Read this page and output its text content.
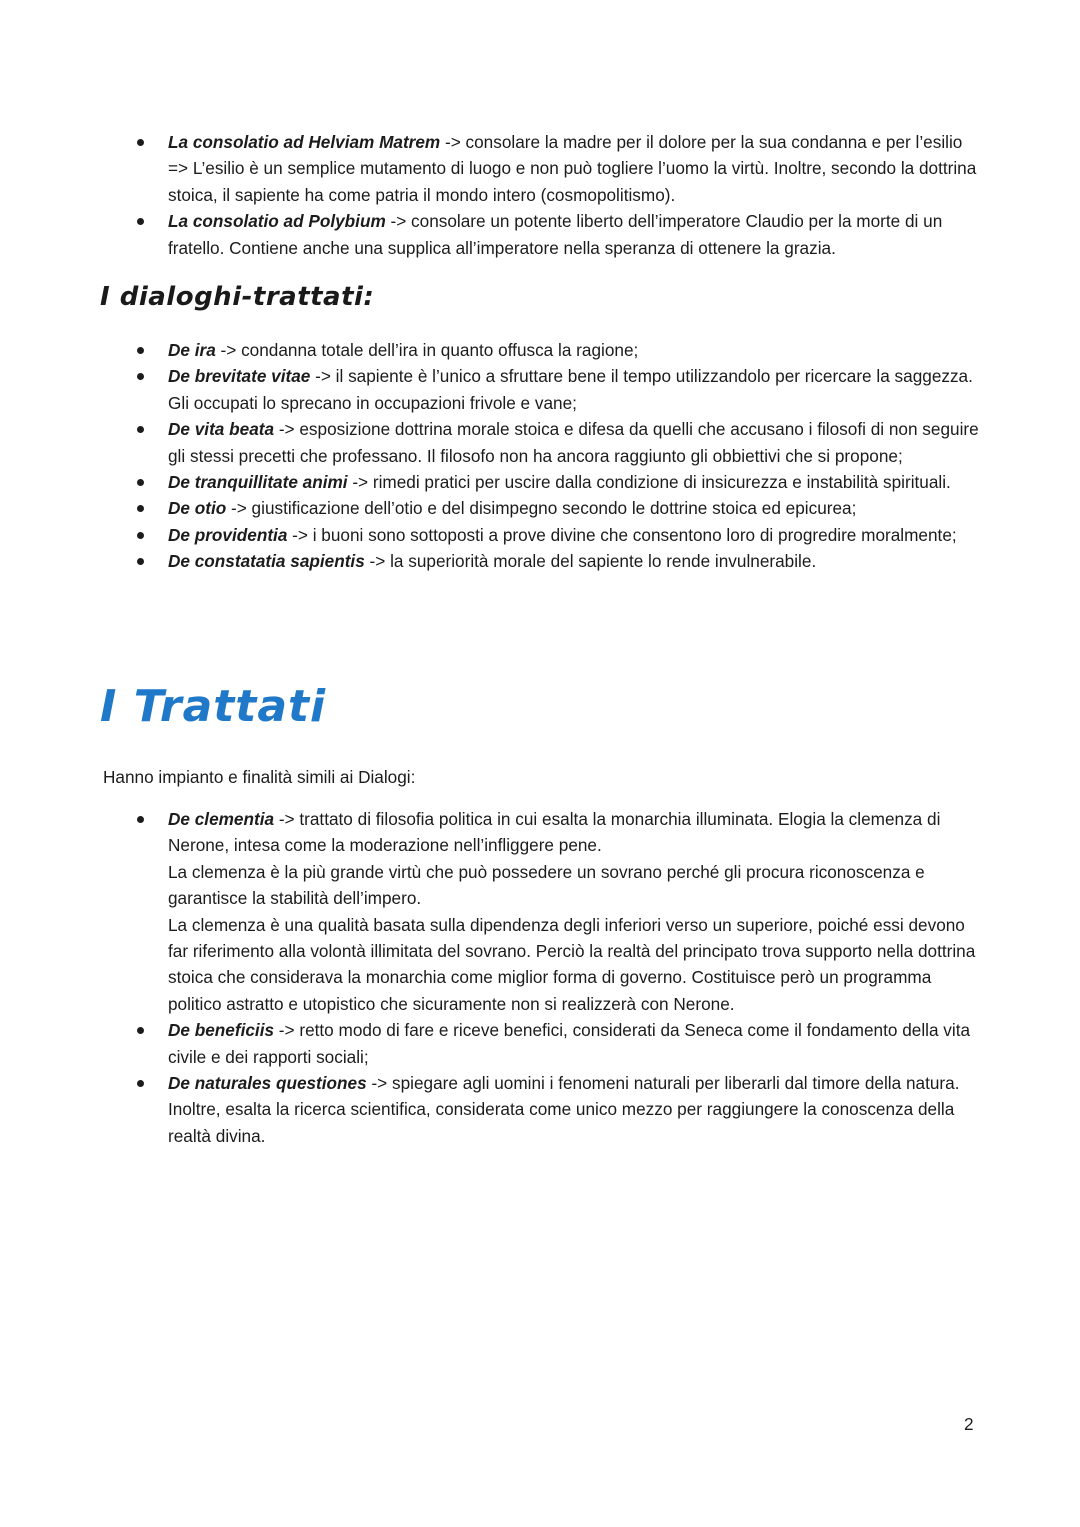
La consolatio ad Helviam Matrem -> consolare la madre per il dolore per la sua condanna e per l’esilio => L’esilio è un semplice mutamento di luogo e non può togliere l’uomo la virtù. Inoltre, secondo la dottrina stoica, il sapiente ha come patria il mondo intero (cosmopolitismo).
La consolatio ad Polybium -> consolare un potente liberto dell’imperatore Claudio per la morte di un fratello. Contiene anche una supplica all’imperatore nella speranza di ottenere la grazia.
I dialoghi-trattati:
De ira -> condanna totale dell’ira in quanto offusca la ragione;
De brevitate vitae -> il sapiente è l’unico a sfruttare bene il tempo utilizzandolo per ricercare la saggezza. Gli occupati lo sprecano in occupazioni frivole e vane;
De vita beata -> esposizione dottrina morale stoica e difesa da quelli che accusano i filosofi di non seguire gli stessi precetti che professano. Il filosofo non ha ancora raggiunto gli obbiettivi che si propone;
De tranquillitate animi -> rimedi pratici per uscire dalla condizione di insicurezza e instabilità spirituali.
De otio -> giustificazione dell’otio e del disimpegno secondo le dottrine stoica ed epicurea;
De providentia -> i buoni sono sottoposti a prove divine che consentono loro di progredire moralmente;
De constatatia sapientis -> la superiorità morale del sapiente lo rende invulnerabile.
I Trattati
Hanno impianto e finalità simili ai Dialogi:
De clementia -> trattato di filosofia politica in cui esalta la monarchia illuminata. Elogia la clemenza di Nerone, intesa come la moderazione nell’infliggere pene.
La clemenza è la più grande virtù che può possedere un sovrano perché gli procura riconoscenza e garantisce la stabilità dell’impero.
La clemenza è una qualità basata sulla dipendenza degli inferiori verso un superiore, poiché essi devono far riferimento alla volontà illimitata del sovrano. Perciò la realtà del principato trova supporto nella dottrina stoica che considerava la monarchia come miglior forma di governo. Costituisce però un programma politico astratto e utopistico che sicuramente non si realizzerà con Nerone.
De beneficiis -> retto modo di fare e riceve benefici, considerati da Seneca come il fondamento della vita civile e dei rapporti sociali;
De naturales questiones -> spiegare agli uomini i fenomeni naturali per liberarli dal timore della natura. Inoltre, esalta la ricerca scientifica, considerata come unico mezzo per raggiungere la conoscenza della realtà divina.
2
